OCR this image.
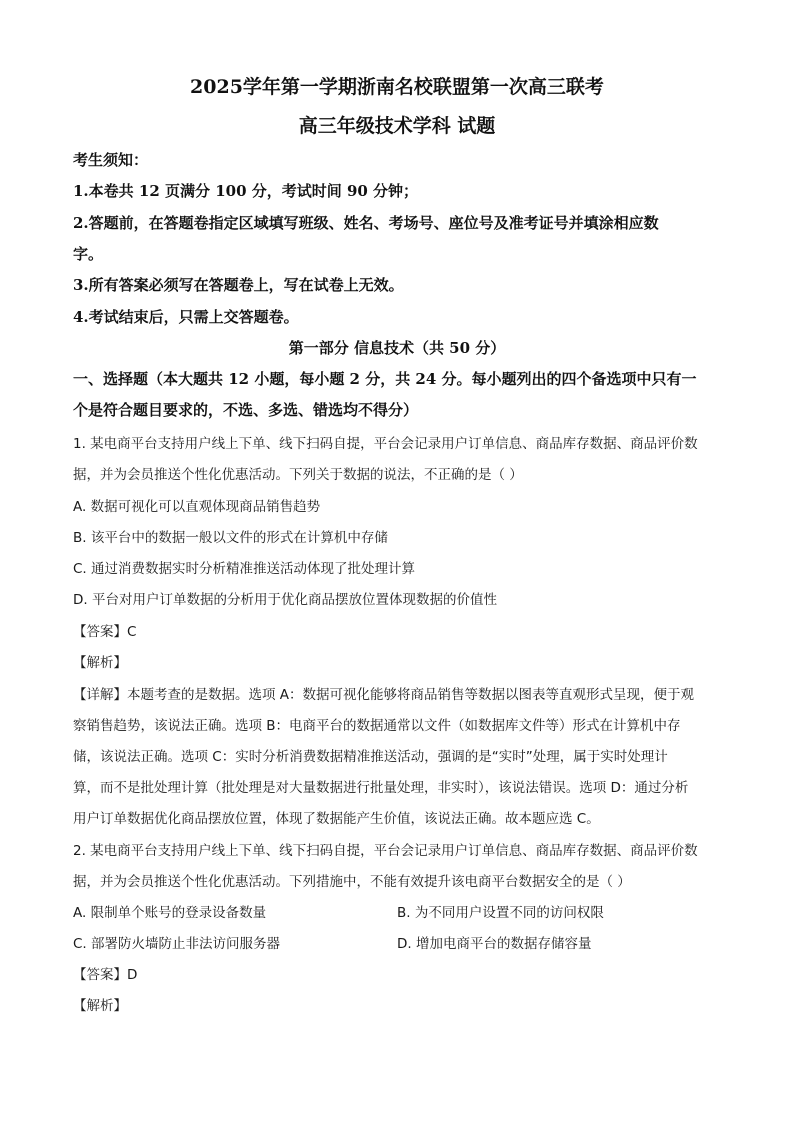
2025学年第一学期浙南名校联盟第一次高三联考
高三年级技术学科 试题
考生须知：
1.本卷共 12 页满分 100 分，考试时间 90 分钟；
2.答题前，在答题卷指定区域填写班级、姓名、考场号、座位号及准考证号并填涂相应数
字。
3.所有答案必须写在答题卷上，写在试卷上无效。
4.考试结束后，只需上交答题卷。
第一部分 信息技术（共 50 分）
一、选择题（本大题共 12 小题，每小题 2 分，共 24 分。每小题列出的四个备选项中只有一
个是符合题目要求的，不选、多选、错选均不得分）
1. 某电商平台支持用户线上下单、线下扫码自提，平台会记录用户订单信息、商品库存数据、商品评价数
据，并为会员推送个性化优惠活动。下列关于数据的说法，不正确的是（ ）
A. 数据可视化可以直观体现商品销售趋势
B. 该平台中的数据一般以文件的形式在计算机中存储
C. 通过消费数据实时分析精准推送活动体现了批处理计算
D. 平台对用户订单数据的分析用于优化商品摆放位置体现数据的价值性
【答案】C
【解析】
【详解】本题考查的是数据。选项 A：数据可视化能够将商品销售等数据以图表等直观形式呈现，便于观
察销售趋势，该说法正确。选项 B：电商平台的数据通常以文件（如数据库文件等）形式在计算机中存
储，该说法正确。选项 C：实时分析消费数据精准推送活动，强调的是“实时”处理，属于实时处理计
算，而不是批处理计算（批处理是对大量数据进行批量处理，非实时），该说法错误。选项 D：通过分析
用户订单数据优化商品摆放位置，体现了数据能产生价值，该说法正确。故本题应选 C。
2. 某电商平台支持用户线上下单、线下扫码自提，平台会记录用户订单信息、商品库存数据、商品评价数
据，并为会员推送个性化优惠活动。下列措施中，不能有效提升该电商平台数据安全的是（ ）
A. 限制单个账号的登录设备数量	B. 为不同用户设置不同的访问权限
C. 部署防火墙防止非法访问服务器	D. 增加电商平台的数据存储容量
【答案】D
【解析】
